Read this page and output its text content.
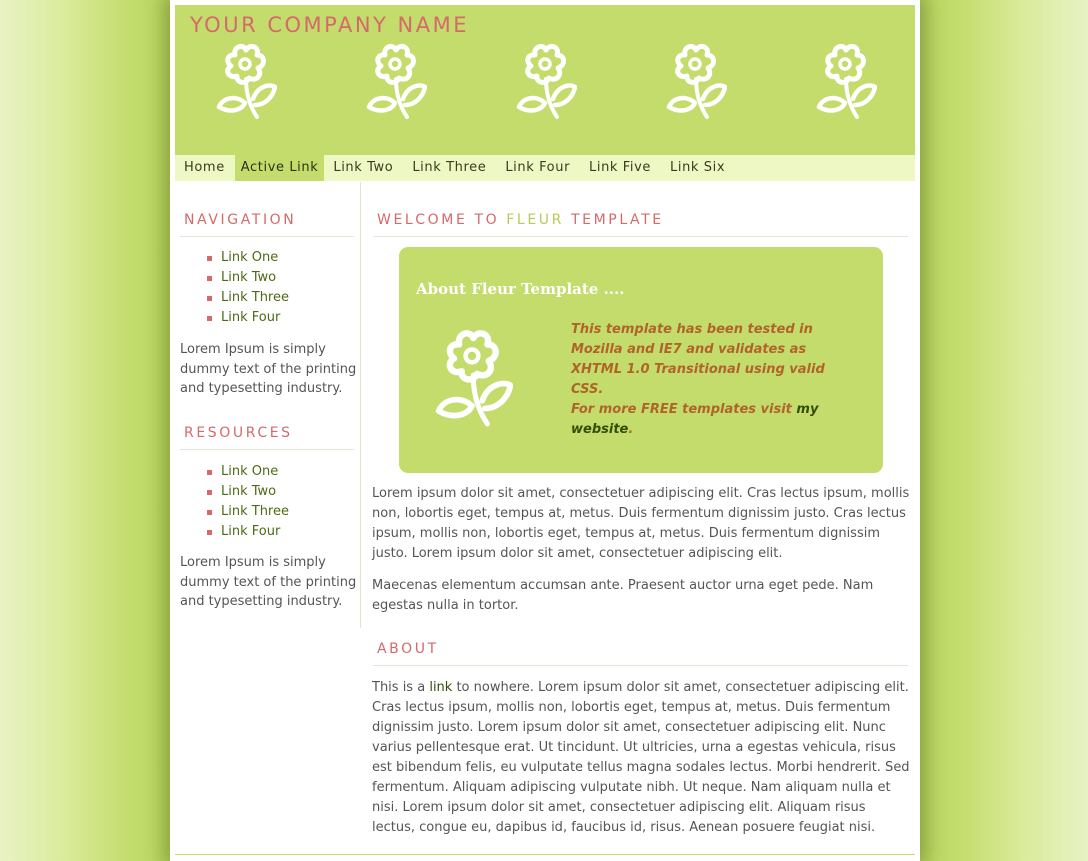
YOUR COMPANY NAME
Home	Active Link	Link Two	Link Three	Link Four	Link Five	Link Six
NAVIGATION
Link One
Link Two
Link Three
Link Four

Lorem Ipsum is simply dummy text of the printing and typesetting industry.

RESOURCES
Link One
Link Two
Link Three
Link Four

Lorem Ipsum is simply dummy text of the printing and typesetting industry.

WELCOME TO FLEUR TEMPLATE
About Fleur Template ....

This template has been tested in Mozilla and IE7 and validates as XHTML 1.0 Transitional using valid CSS.
For more FREE templates visit my website.

Lorem ipsum dolor sit amet, consectetuer adipiscing elit. Cras lectus ipsum, mollis non, lobortis eget, tempus at, metus. Duis fermentum dignissim justo. Cras lectus ipsum, mollis non, lobortis eget, tempus at, metus. Duis fermentum dignissim justo. Lorem ipsum dolor sit amet, consectetuer adipiscing elit.

Maecenas elementum accumsan ante. Praesent auctor urna eget pede. Nam egestas nulla in tortor.

ABOUT

This is a link to nowhere. Lorem ipsum dolor sit amet, consectetuer adipiscing elit. Cras lectus ipsum, mollis non, lobortis eget, tempus at, metus. Duis fermentum dignissim justo. Lorem ipsum dolor sit amet, consectetuer adipiscing elit. Nunc varius pellentesque erat. Ut tincidunt. Ut ultricies, urna a egestas vehicula, risus est bibendum felis, eu vulputate tellus magna sodales lectus. Morbi hendrerit. Sed fermentum. Aliquam adipiscing vulputate nibh. Ut neque. Nam aliquam nulla et nisi. Lorem ipsum dolor sit amet, consectetuer adipiscing elit. Aliquam risus lectus, congue eu, dapibus id, faucibus id, risus. Aenean posuere feugiat nisi.
